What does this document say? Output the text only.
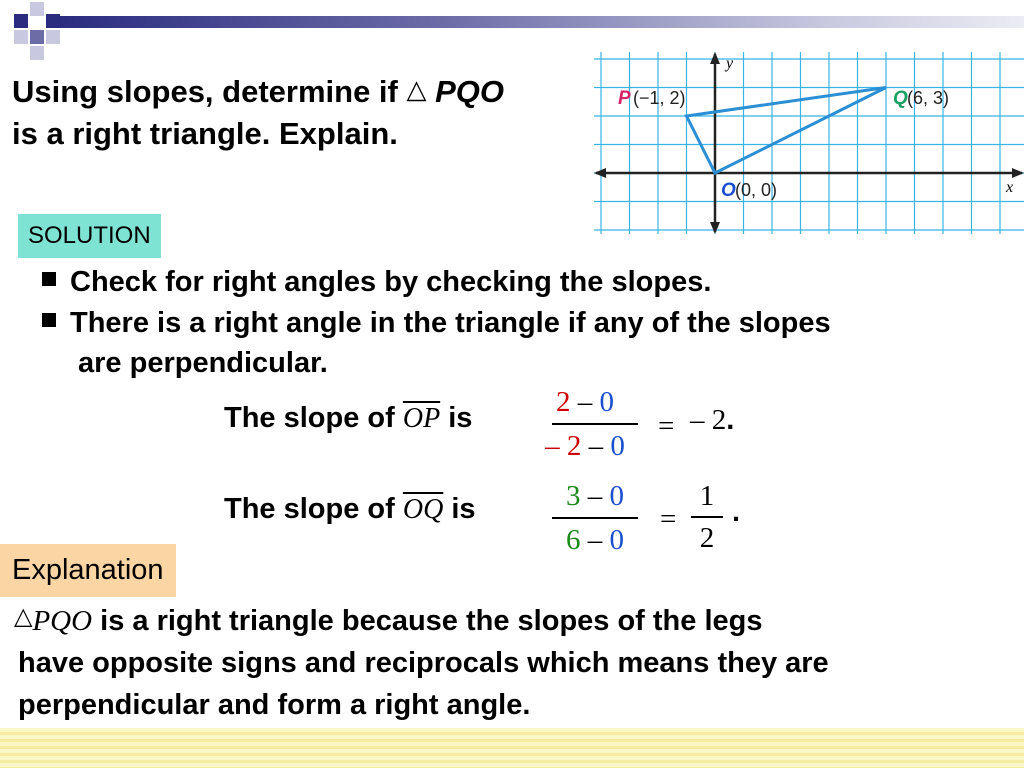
Using slopes, determine if △ PQO
is a right triangle. Explain.
y
x
P (−1, 2)	Q (6, 3)
O (0, 0)
SOLUTION
Check for right angles by checking the slopes.
There is a right angle in the triangle if any of the slopes
are perpendicular.
The slope of $\overline{OP}$ is	2 – 0
– 2 – 0
= – 2.
The slope of $\overline{OQ}$ is	3 – 0
6 – 0
=
1
2
.
Explanation
△PQO is a right triangle because the slopes of the legs
have opposite signs and reciprocals which means they are
perpendicular and form a right angle.
